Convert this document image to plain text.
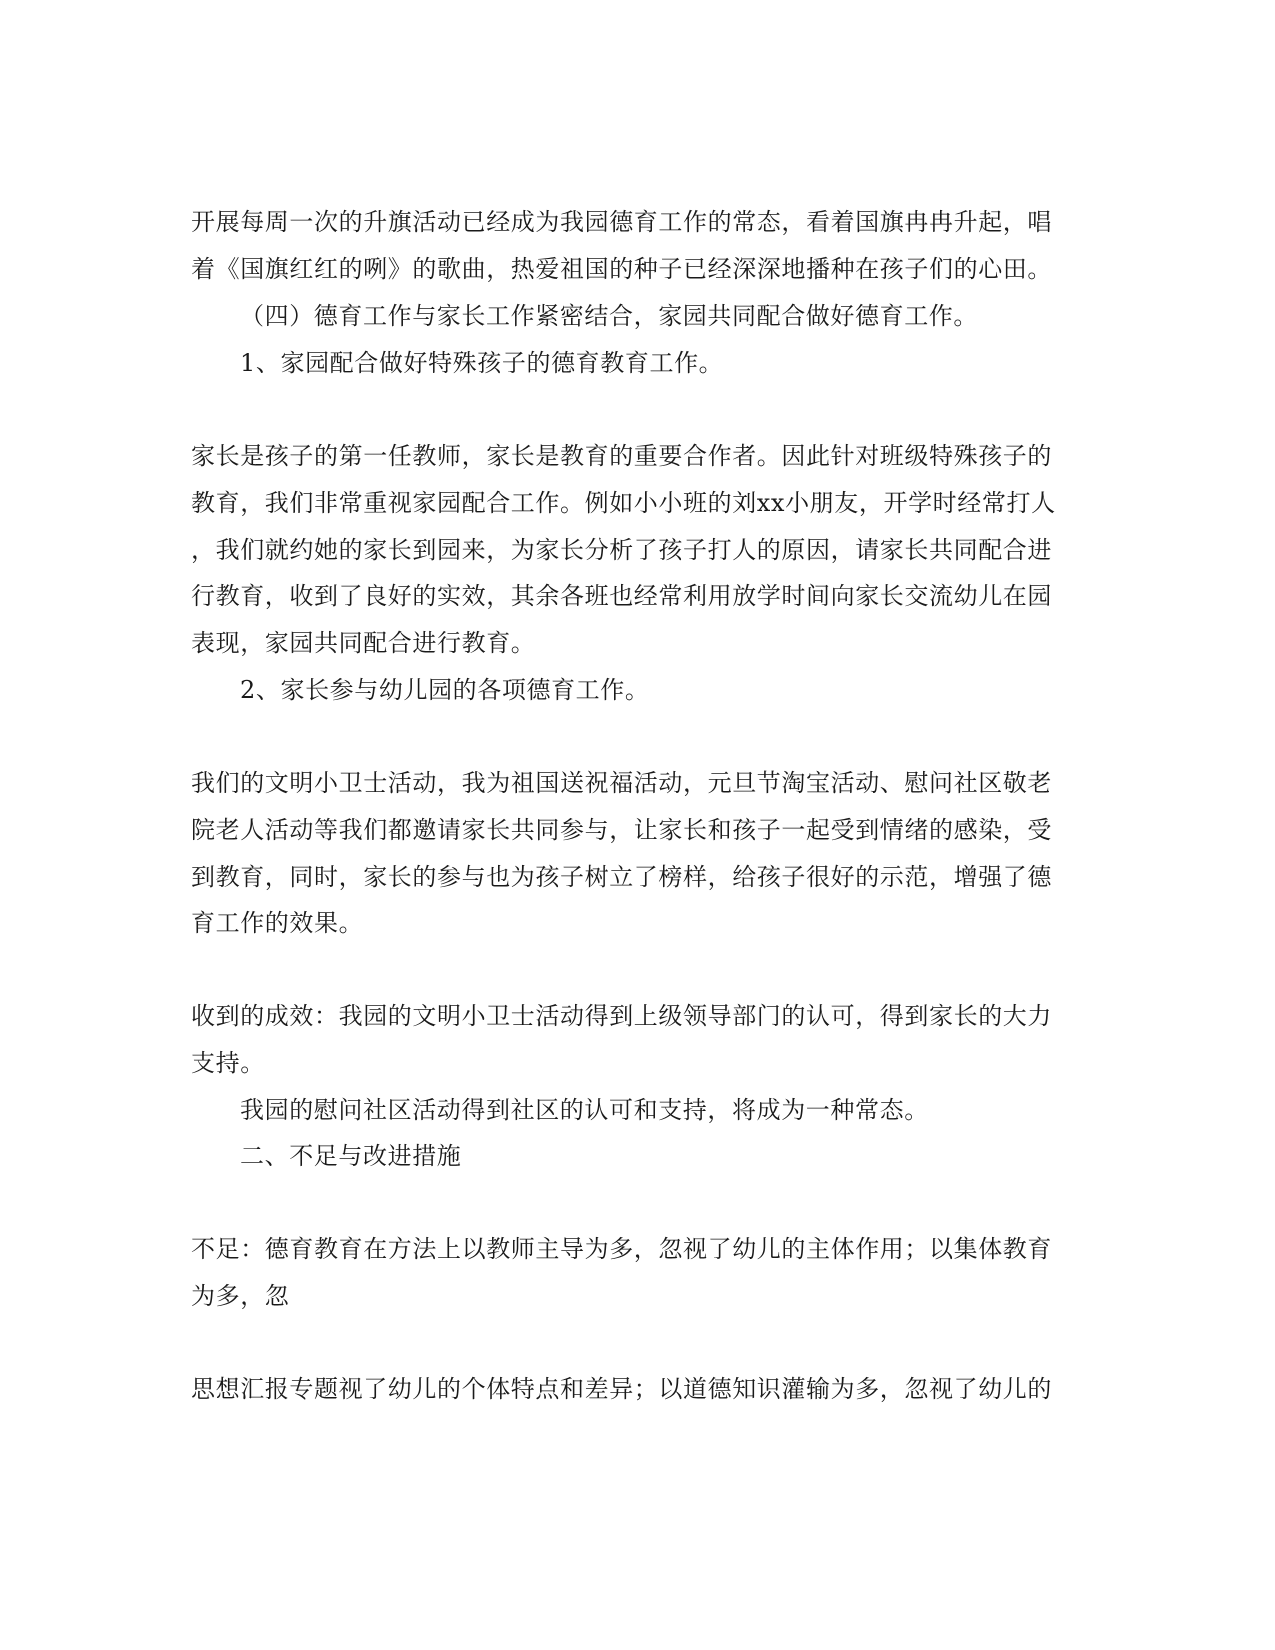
开展每周一次的升旗活动已经成为我园德育工作的常态，看着国旗冉冉升起，唱
着《国旗红红的咧》的歌曲，热爱祖国的种子已经深深地播种在孩子们的心田。
（四）德育工作与家长工作紧密结合，家园共同配合做好德育工作。
1、家园配合做好特殊孩子的德育教育工作。
家长是孩子的第一任教师，家长是教育的重要合作者。因此针对班级特殊孩子的
教育，我们非常重视家园配合工作。例如小小班的刘xx小朋友，开学时经常打人
，我们就约她的家长到园来，为家长分析了孩子打人的原因，请家长共同配合进
行教育，收到了良好的实效，其余各班也经常利用放学时间向家长交流幼儿在园
表现，家园共同配合进行教育。
2、家长参与幼儿园的各项德育工作。
我们的文明小卫士活动，我为祖国送祝福活动，元旦节淘宝活动、慰问社区敬老
院老人活动等我们都邀请家长共同参与，让家长和孩子一起受到情绪的感染，受
到教育，同时，家长的参与也为孩子树立了榜样，给孩子很好的示范，增强了德
育工作的效果。
收到的成效：我园的文明小卫士活动得到上级领导部门的认可，得到家长的大力
支持。
我园的慰问社区活动得到社区的认可和支持，将成为一种常态。
二、不足与改进措施
不足：德育教育在方法上以教师主导为多，忽视了幼儿的主体作用；以集体教育
为多，忽
思想汇报专题视了幼儿的个体特点和差异；以道德知识灌输为多，忽视了幼儿的
